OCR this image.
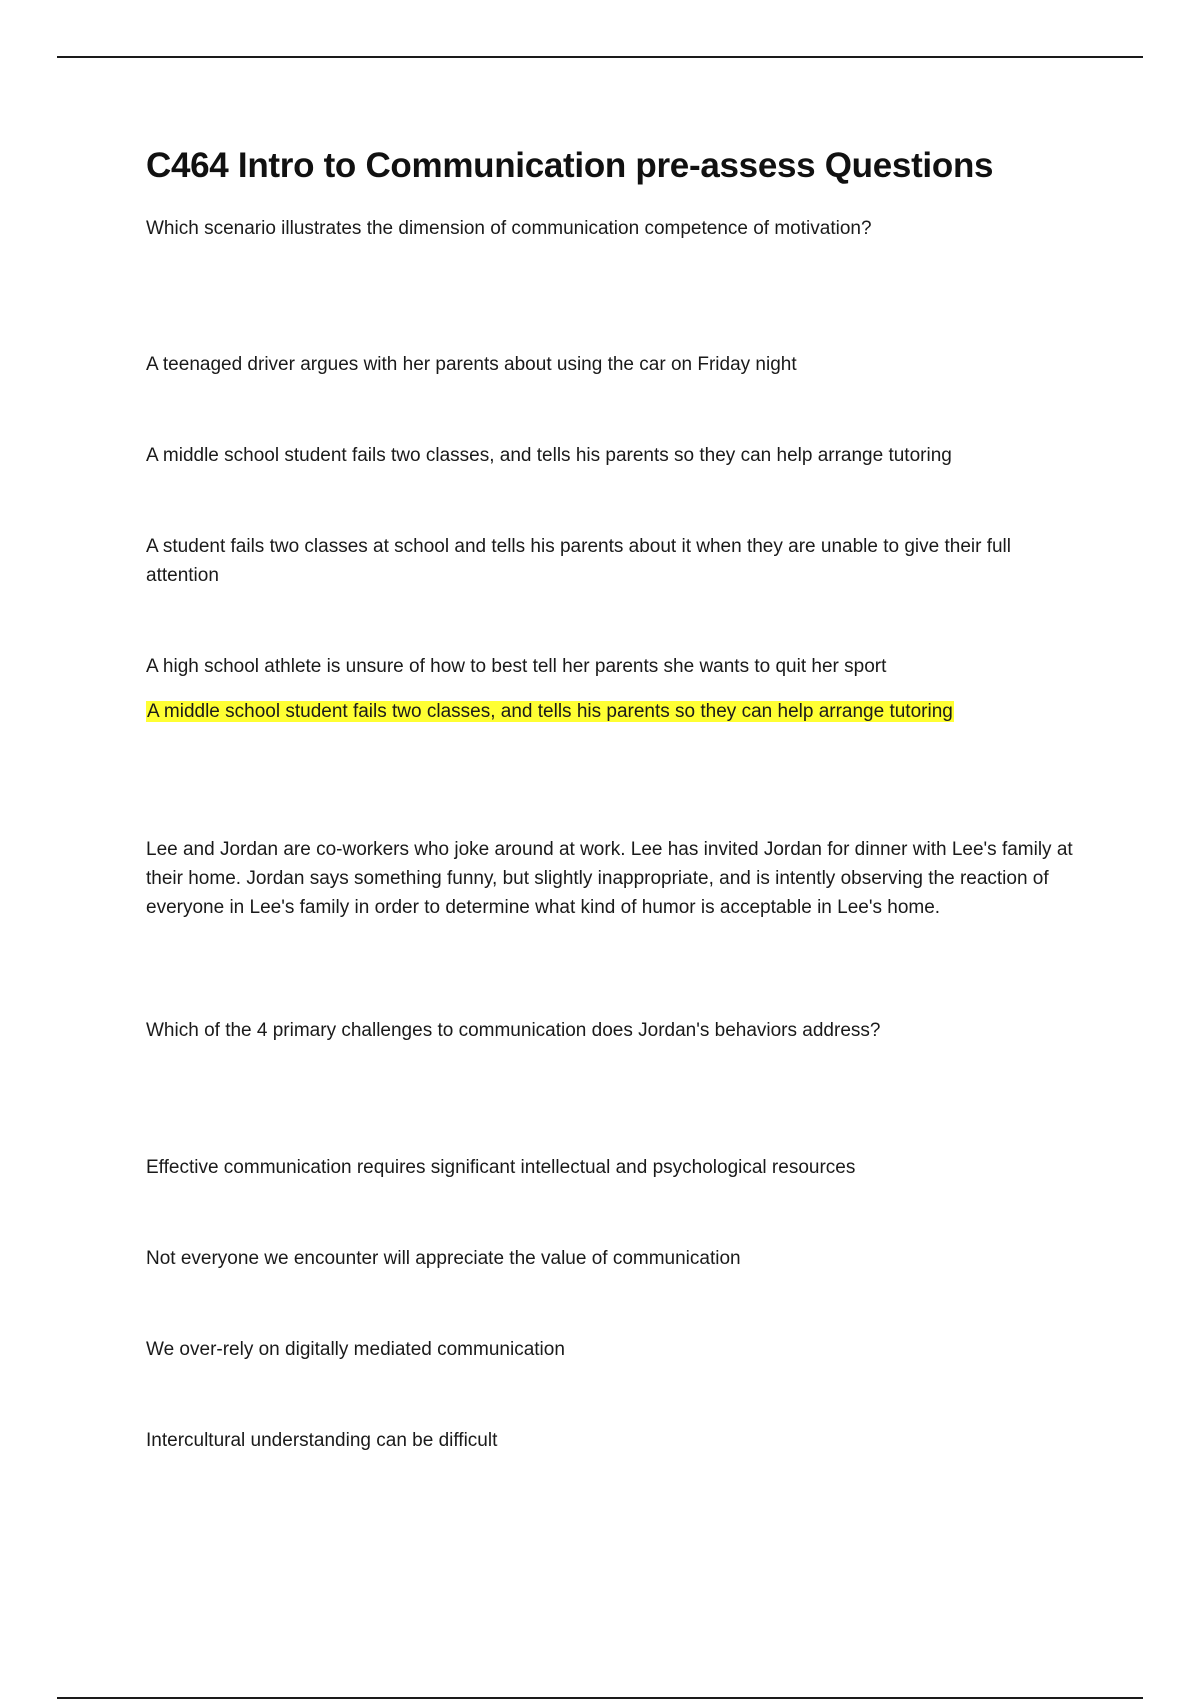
C464 Intro to Communication pre-assess Questions

Which scenario illustrates the dimension of communication competence of motivation?

A teenaged driver argues with her parents about using the car on Friday night

A middle school student fails two classes, and tells his parents so they can help arrange tutoring

A student fails two classes at school and tells his parents about it when they are unable to give their full attention

A high school athlete is unsure of how to best tell her parents she wants to quit her sport

A middle school student fails two classes, and tells his parents so they can help arrange tutoring

Lee and Jordan are co-workers who joke around at work. Lee has invited Jordan for dinner with Lee's family at their home. Jordan says something funny, but slightly inappropriate, and is intently observing the reaction of everyone in Lee's family in order to determine what kind of humor is acceptable in Lee's home.

Which of the 4 primary challenges to communication does Jordan's behaviors address?

Effective communication requires significant intellectual and psychological resources

Not everyone we encounter will appreciate the value of communication

We over-rely on digitally mediated communication

Intercultural understanding can be difficult
